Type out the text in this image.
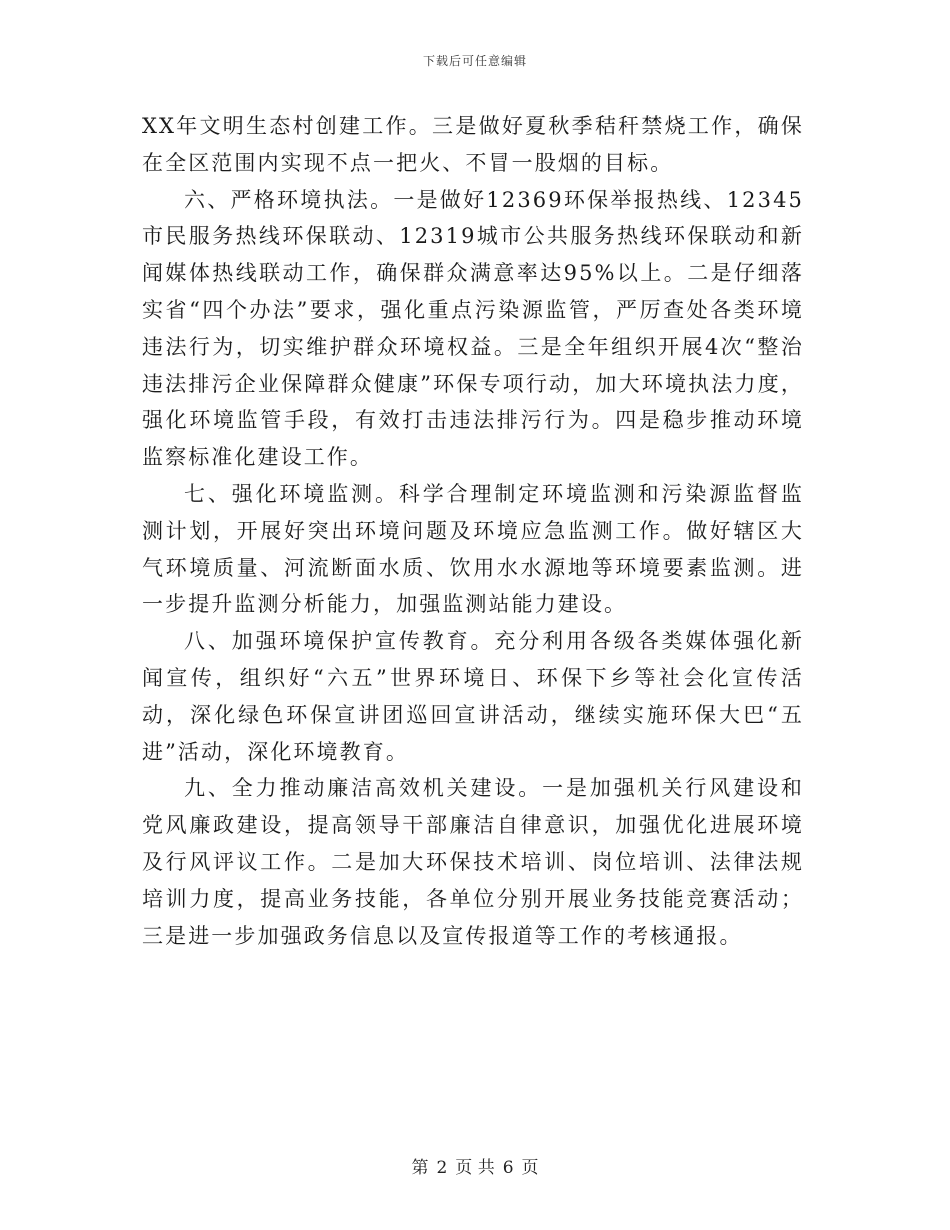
下载后可任意编辑

XX年文明生态村创建工作。三是做好夏秋季秸秆禁烧工作，确保在全区范围内实现不点一把火、不冒一股烟的目标。

六、严格环境执法。一是做好12369环保举报热线、12345市民服务热线环保联动、12319城市公共服务热线环保联动和新闻媒体热线联动工作，确保群众满意率达95%以上。二是仔细落实省“四个办法”要求，强化重点污染源监管，严厉查处各类环境违法行为，切实维护群众环境权益。三是全年组织开展4次“整治违法排污企业保障群众健康”环保专项行动，加大环境执法力度，强化环境监管手段，有效打击违法排污行为。四是稳步推动环境监察标准化建设工作。

七、强化环境监测。科学合理制定环境监测和污染源监督监测计划，开展好突出环境问题及环境应急监测工作。做好辖区大气环境质量、河流断面水质、饮用水水源地等环境要素监测。进一步提升监测分析能力，加强监测站能力建设。

八、加强环境保护宣传教育。充分利用各级各类媒体强化新闻宣传，组织好“六五”世界环境日、环保下乡等社会化宣传活动，深化绿色环保宣讲团巡回宣讲活动，继续实施环保大巴“五进”活动，深化环境教育。

九、全力推动廉洁高效机关建设。一是加强机关行风建设和党风廉政建设，提高领导干部廉洁自律意识，加强优化进展环境及行风评议工作。二是加大环保技术培训、岗位培训、法律法规培训力度，提高业务技能，各单位分别开展业务技能竞赛活动；三是进一步加强政务信息以及宣传报道等工作的考核通报。

第 2 页 共 6 页
